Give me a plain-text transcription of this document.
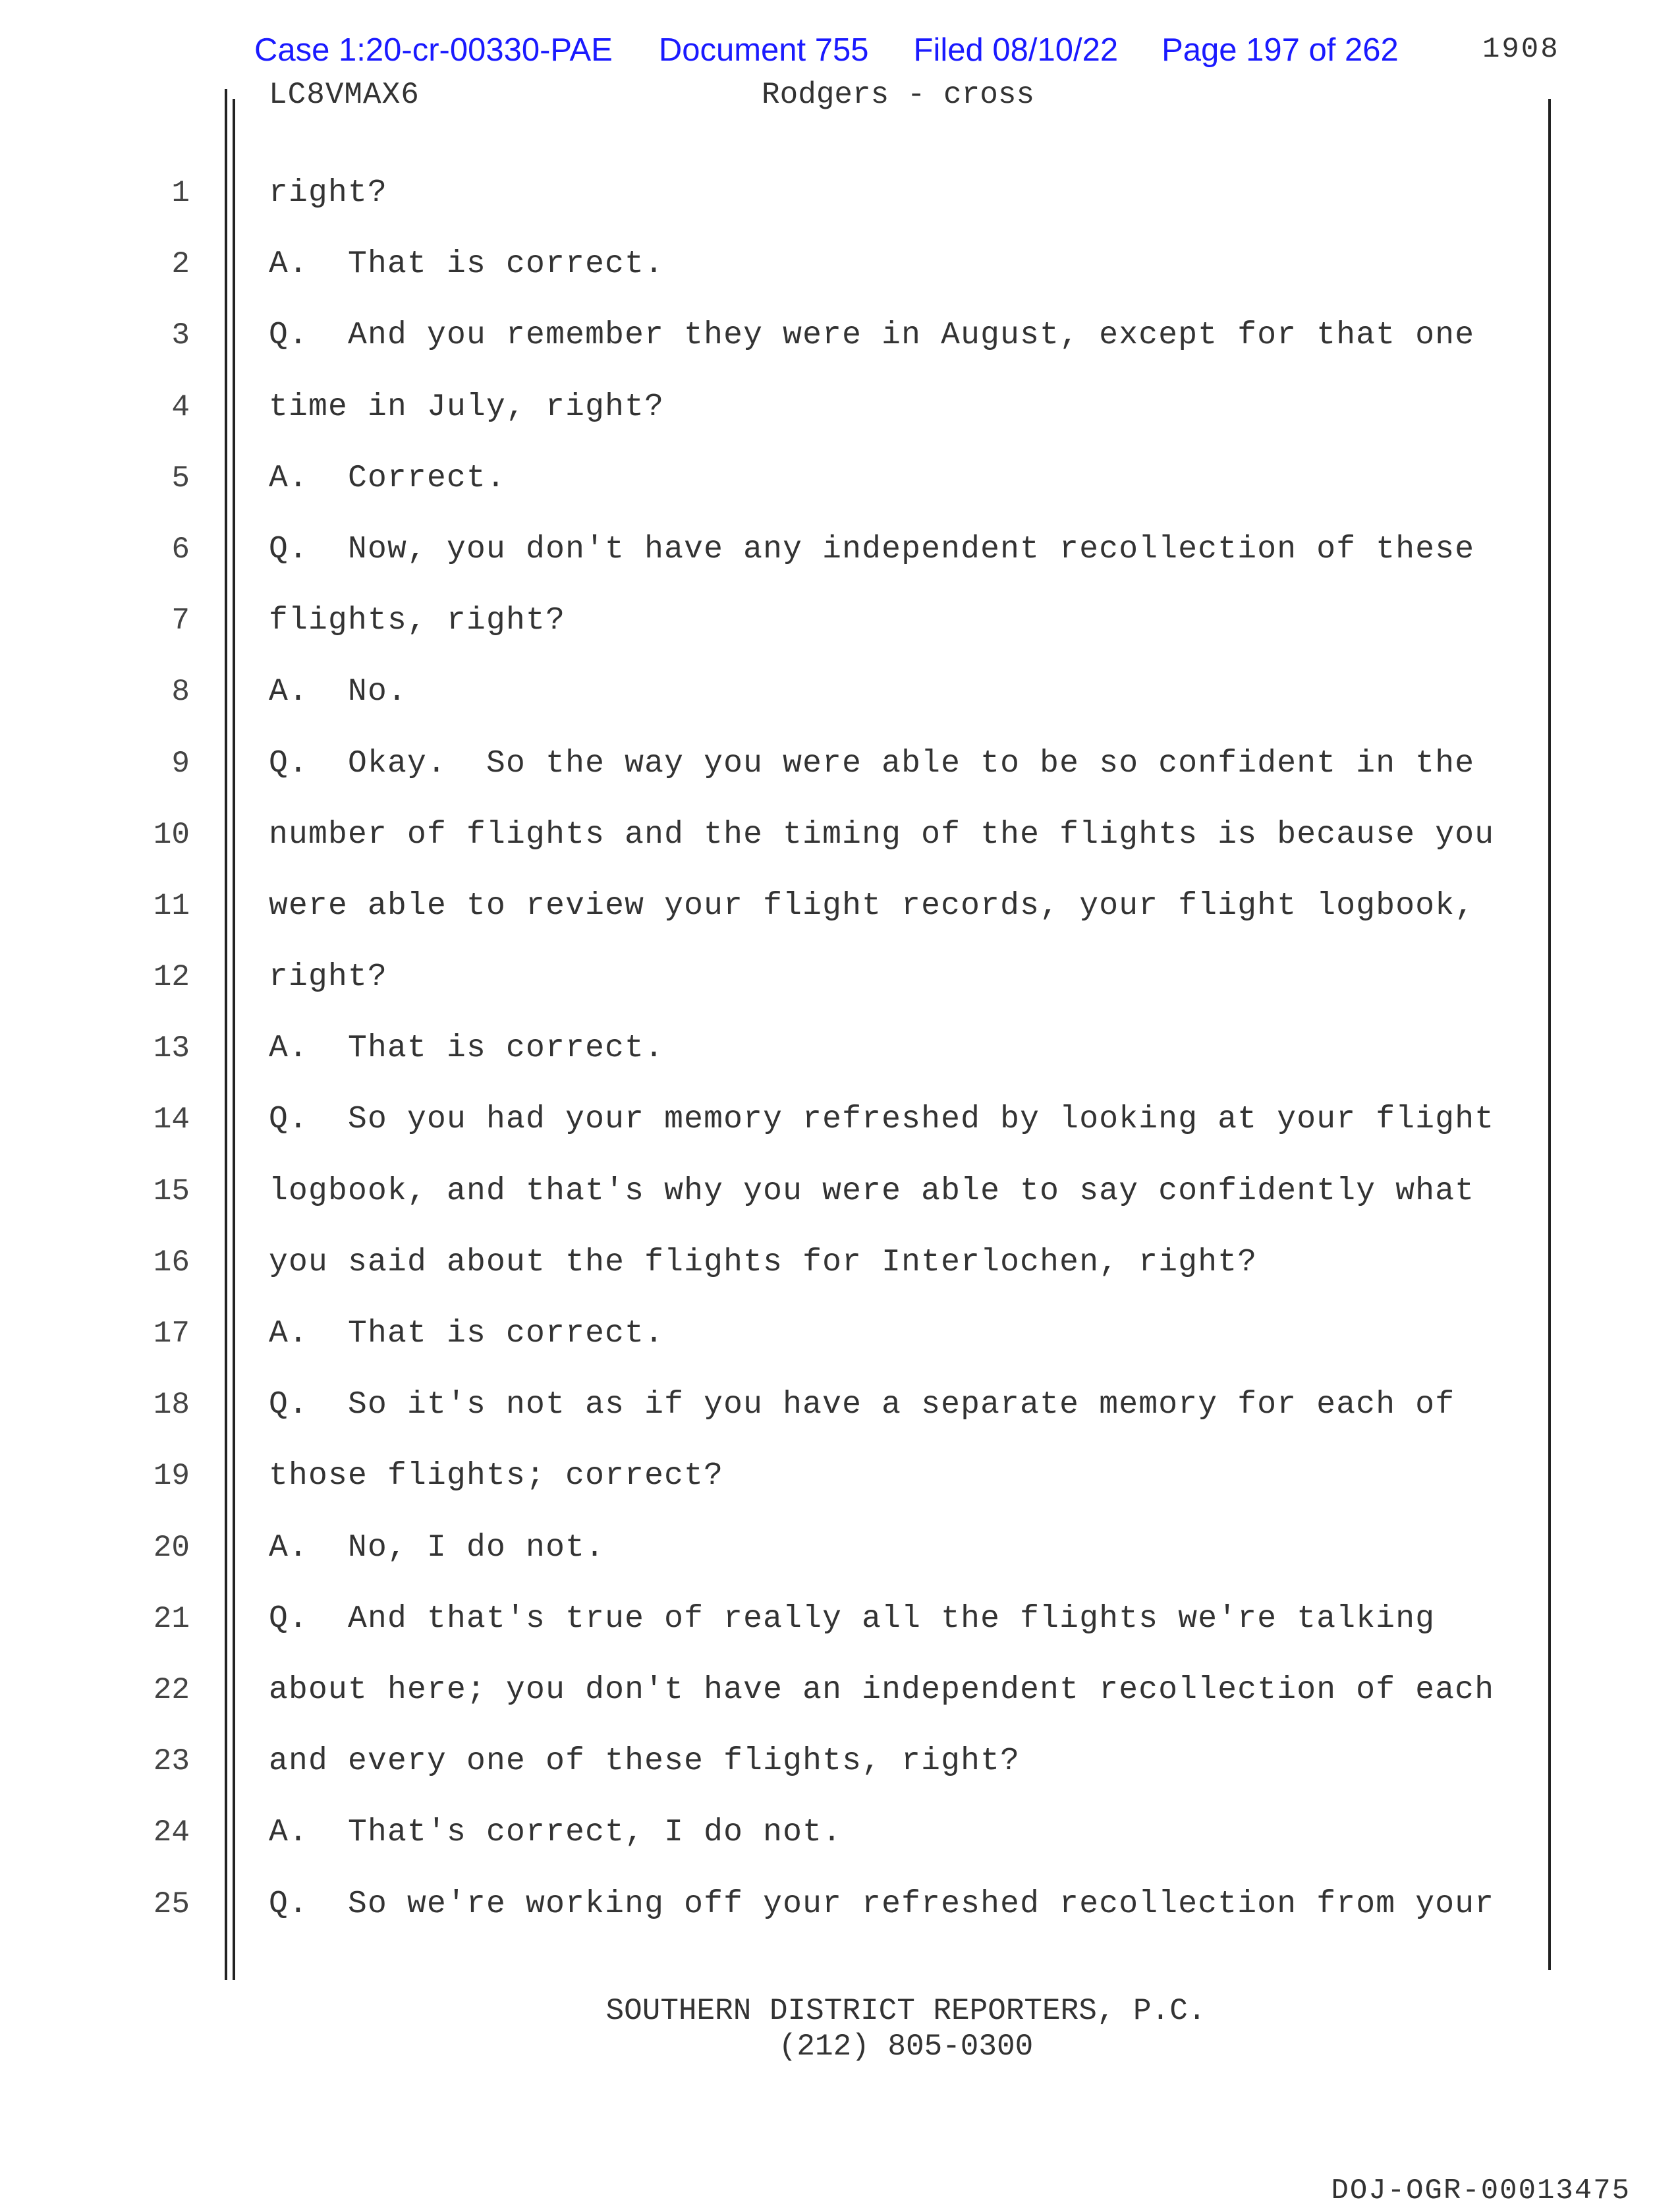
Case 1:20-cr-00330-PAE Document 755 Filed 08/10/22 Page 197 of 262	1908
LC8VMAX6	Rodgers - cross
1	right?
2	A.  That is correct.
3	Q.  And you remember they were in August, except for that one
4	time in July, right?
5	A.  Correct.
6	Q.  Now, you don't have any independent recollection of these
7	flights, right?
8	A.  No.
9	Q.  Okay.  So the way you were able to be so confident in the
10	number of flights and the timing of the flights is because you
11	were able to review your flight records, your flight logbook,
12	right?
13	A.  That is correct.
14	Q.  So you had your memory refreshed by looking at your flight
15	logbook, and that's why you were able to say confidently what
16	you said about the flights for Interlochen, right?
17	A.  That is correct.
18	Q.  So it's not as if you have a separate memory for each of
19	those flights; correct?
20	A.  No, I do not.
21	Q.  And that's true of really all the flights we're talking
22	about here; you don't have an independent recollection of each
23	and every one of these flights, right?
24	A.  That's correct, I do not.
25	Q.  So we're working off your refreshed recollection from your
SOUTHERN DISTRICT REPORTERS, P.C.
(212) 805-0300
DOJ-OGR-00013475
